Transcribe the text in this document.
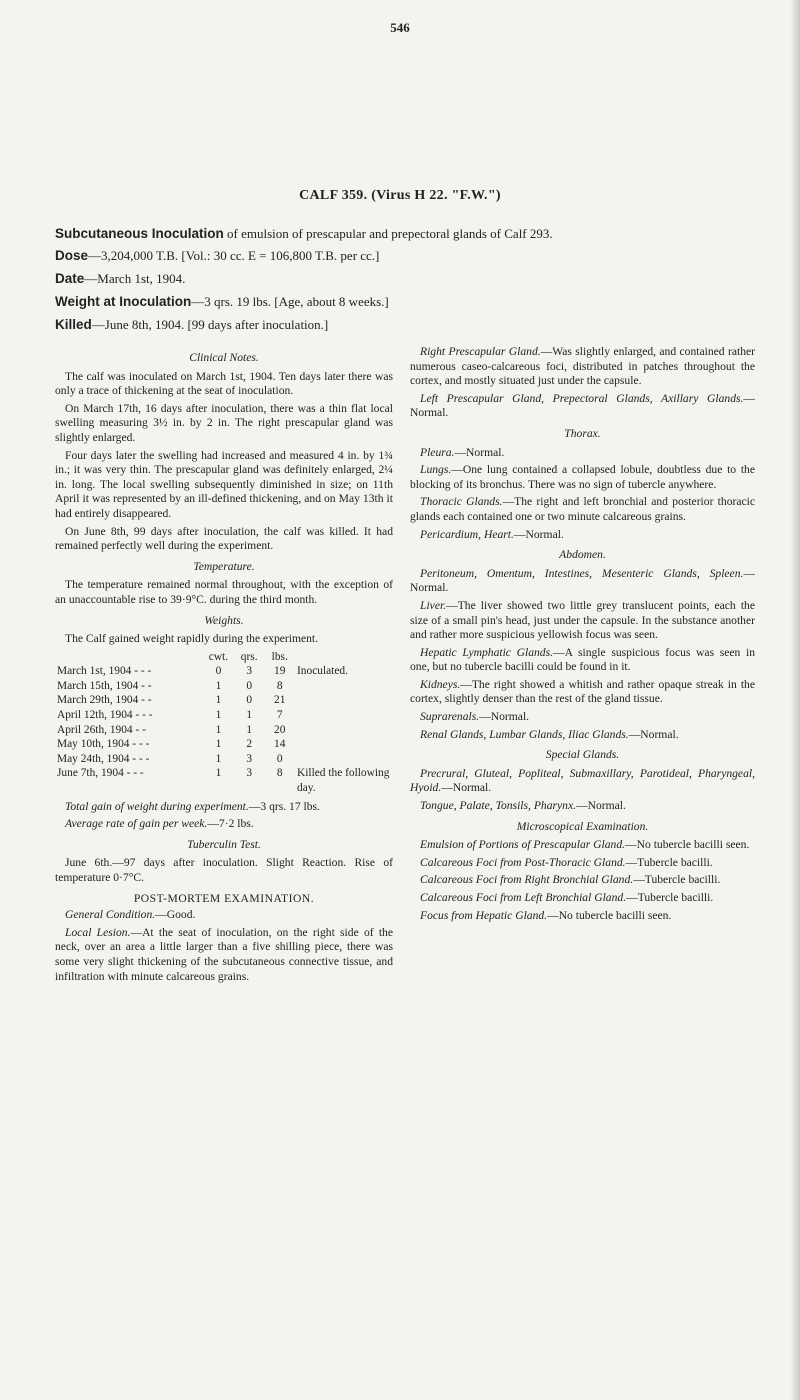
546
CALF 359. (Virus H 22. "F.W.")
Subcutaneous Inoculation of emulsion of prescapular and prepectoral glands of Calf 293.
Dose—3,204,000 T.B. [Vol.: 30 cc. E = 106,800 T.B. per cc.]
Date—March 1st, 1904.
Weight at Inoculation—3 qrs. 19 lbs. [Age, about 8 weeks.]
Killed—June 8th, 1904. [99 days after inoculation.]
Clinical Notes.

The calf was inoculated on March 1st, 1904. Ten days later there was only a trace of thickening at the seat of inoculation.

On March 17th, 16 days after inoculation, there was a thin flat local swelling measuring 3½ in. by 2 in. The right prescapular gland was slightly enlarged.

Four days later the swelling had increased and measured 4 in. by 1¾ in.; it was very thin. The prescapular gland was definitely enlarged, 2¼ in. long. The local swelling subsequently diminished in size; on 11th April it was represented by an ill-defined thickening, and on May 13th it had entirely disappeared.

On June 8th, 99 days after inoculation, the calf was killed. It had remained perfectly well during the experiment.

Temperature.

The temperature remained normal throughout, with the exception of an unaccountable rise to 39·9°C. during the third month.

Weights.

The Calf gained weight rapidly during the experiment.

	cwt.	qrs.	lbs.	
March 1st, 1904 - - -	0	3	19	Inoculated.
March 15th, 1904 - -	1	0	8	
March 29th, 1904 - -	1	0	21	
April 12th, 1904 - - -	1	1	7	
April 26th, 1904 - -	1	1	20	
May 10th, 1904 - - -	1	2	14	
May 24th, 1904 - - -	1	3	0	
June 7th, 1904 - - -	1	3	8	Killed the following day.

Total gain of weight during experiment.—3 qrs. 17 lbs.

Average rate of gain per week.—7·2 lbs.

Tuberculin Test.

June 6th.—97 days after inoculation. Slight Reaction. Rise of temperature 0·7°C.

POST-MORTEM EXAMINATION.

General Condition.—Good.

Local Lesion.—At the seat of inoculation, on the right side of the neck, over an area a little larger than a five shilling piece, there was some very slight thickening of the subcutaneous connective tissue, and infiltration with minute calcareous grains.

Right Prescapular Gland.—Was slightly enlarged, and contained rather numerous caseo-calcareous foci, distributed in patches throughout the cortex, and mostly situated just under the capsule.

Left Prescapular Gland, Prepectoral Glands, Axillary Glands.—Normal.

Thorax.

Pleura.—Normal.

Lungs.—One lung contained a collapsed lobule, doubtless due to the blocking of its bronchus. There was no sign of tubercle anywhere.

Thoracic Glands.—The right and left bronchial and posterior thoracic glands each contained one or two minute calcareous grains.

Pericardium, Heart.—Normal.

Abdomen.

Peritoneum, Omentum, Intestines, Mesenteric Glands, Spleen.—Normal.

Liver.—The liver showed two little grey translucent points, each the size of a small pin's head, just under the capsule. In the substance another and rather more suspicious yellowish focus was seen.

Hepatic Lymphatic Glands.—A single suspicious focus was seen in one, but no tubercle bacilli could be found in it.

Kidneys.—The right showed a whitish and rather opaque streak in the cortex, slightly denser than the rest of the gland tissue.

Suprarenals.—Normal.

Renal Glands, Lumbar Glands, Iliac Glands.—Normal.

Special Glands.

Precrural, Gluteal, Popliteal, Submaxillary, Parotideal, Pharyngeal, Hyoid.—Normal.

Tongue, Palate, Tonsils, Pharynx.—Normal.

Microscopical Examination.

Emulsion of Portions of Prescapular Gland.—No tubercle bacilli seen.

Calcareous Foci from Post-Thoracic Gland.—Tubercle bacilli.

Calcareous Foci from Right Bronchial Gland.—Tubercle bacilli.

Calcareous Foci from Left Bronchial Gland.—Tubercle bacilli.

Focus from Hepatic Gland.—No tubercle bacilli seen.
